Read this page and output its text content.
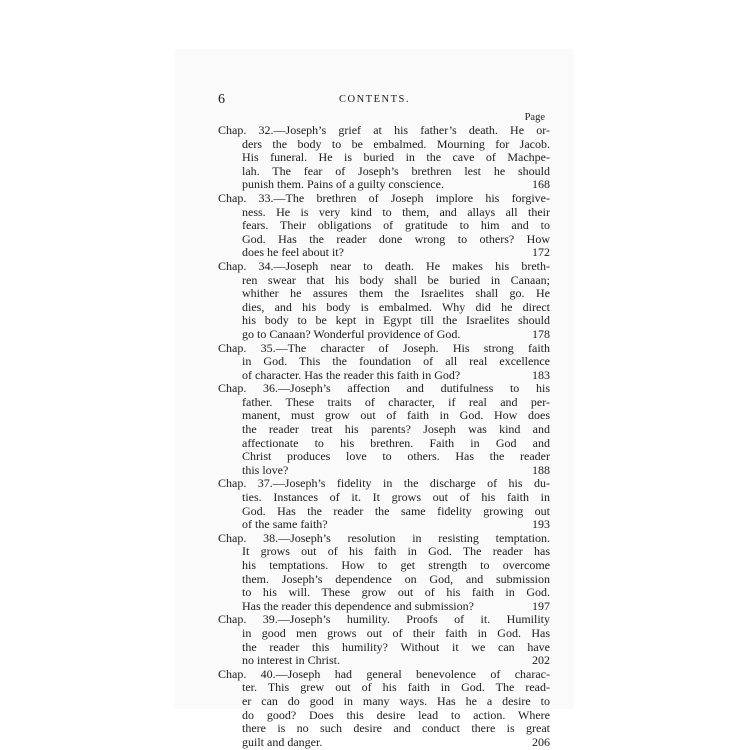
6	CONTENTS.
Page
Chap. 32.—Joseph’s grief at his father’s death. He or-
ders the body to be embalmed. Mourning for Jacob.
His funeral. He is buried in the cave of Machpe-
lah. The fear of Joseph’s brethren lest he should
punish them. Pains of a guilty conscience.	168
Chap. 33.—The brethren of Joseph implore his forgive-
ness. He is very kind to them, and allays all their
fears. Their obligations of gratitude to him and to
God. Has the reader done wrong to others? How
does he feel about it?	172
Chap. 34.—Joseph near to death. He makes his breth-
ren swear that his body shall be buried in Canaan;
whither he assures them the Israelites shall go. He
dies, and his body is embalmed. Why did he direct
his body to be kept in Egypt till the Israelites should
go to Canaan? Wonderful providence of God.	178
Chap. 35.—The character of Joseph. His strong faith
in God. This the foundation of all real excellence
of character. Has the reader this faith in God?	183
Chap. 36.—Joseph’s affection and dutifulness to his
father. These traits of character, if real and per-
manent, must grow out of faith in God. How does
the reader treat his parents? Joseph was kind and
affectionate to his brethren. Faith in God and
Christ produces love to others. Has the reader
this love?	188
Chap. 37.—Joseph’s fidelity in the discharge of his du-
ties. Instances of it. It grows out of his faith in
God. Has the reader the same fidelity growing out
of the same faith?	193
Chap. 38.—Joseph’s resolution in resisting temptation.
It grows out of his faith in God. The reader has
his temptations. How to get strength to overcome
them. Joseph’s dependence on God, and submission
to his will. These grow out of his faith in God.
Has the reader this dependence and submission?	197
Chap. 39.—Joseph’s humility. Proofs of it. Humility
in good men grows out of their faith in God. Has
the reader this humility? Without it we can have
no interest in Christ.	202
Chap. 40.—Joseph had general benevolence of charac-
ter. This grew out of his faith in God. The read-
er can do good in many ways. Has he a desire to
do good? Does this desire lead to action. Where
there is no such desire and conduct there is great
guilt and danger.	206
